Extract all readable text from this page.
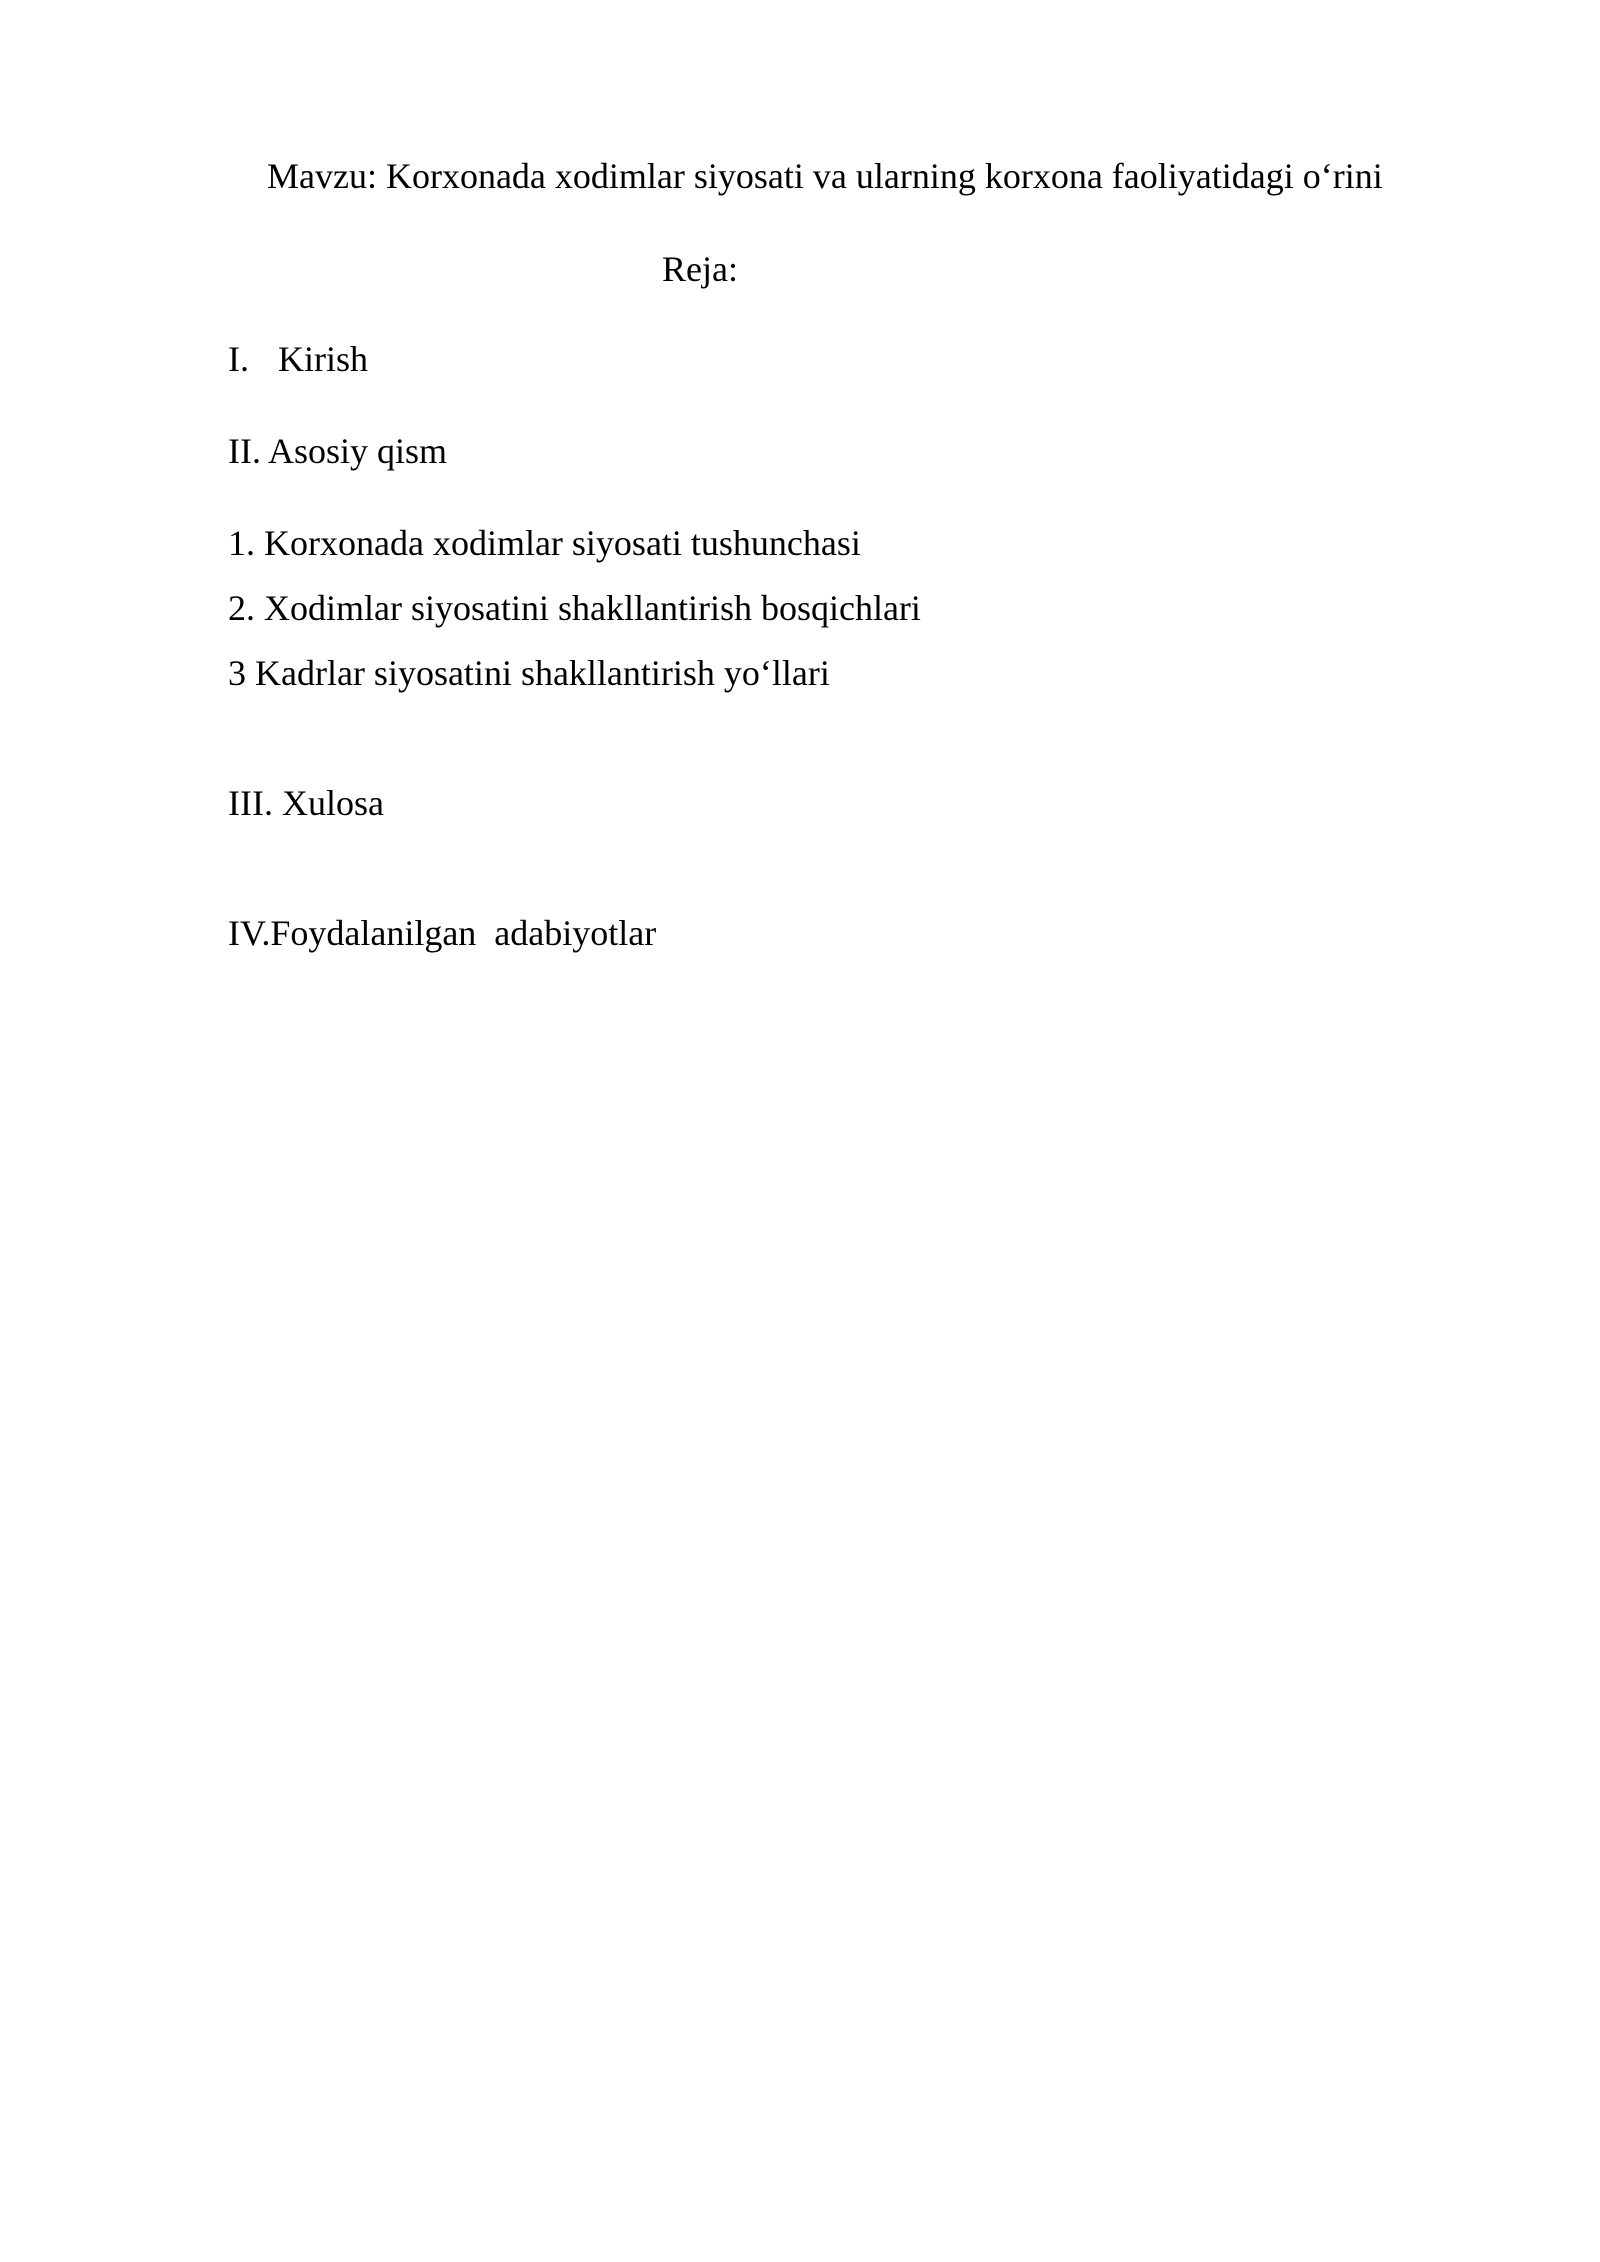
Mavzu: Korxonada xodimlar siyosati va ularning korxona faoliyatidagi o‘rini

Reja:

I. Kirish

II. Asosiy qism

1. Korxonada xodimlar siyosati tushunchasi

2. Xodimlar siyosatini shakllantirish bosqichlari

3 Kadrlar siyosatini shakllantirish yo‘llari

III. Xulosa

IV.Foydalanilgan  adabiyotlar
